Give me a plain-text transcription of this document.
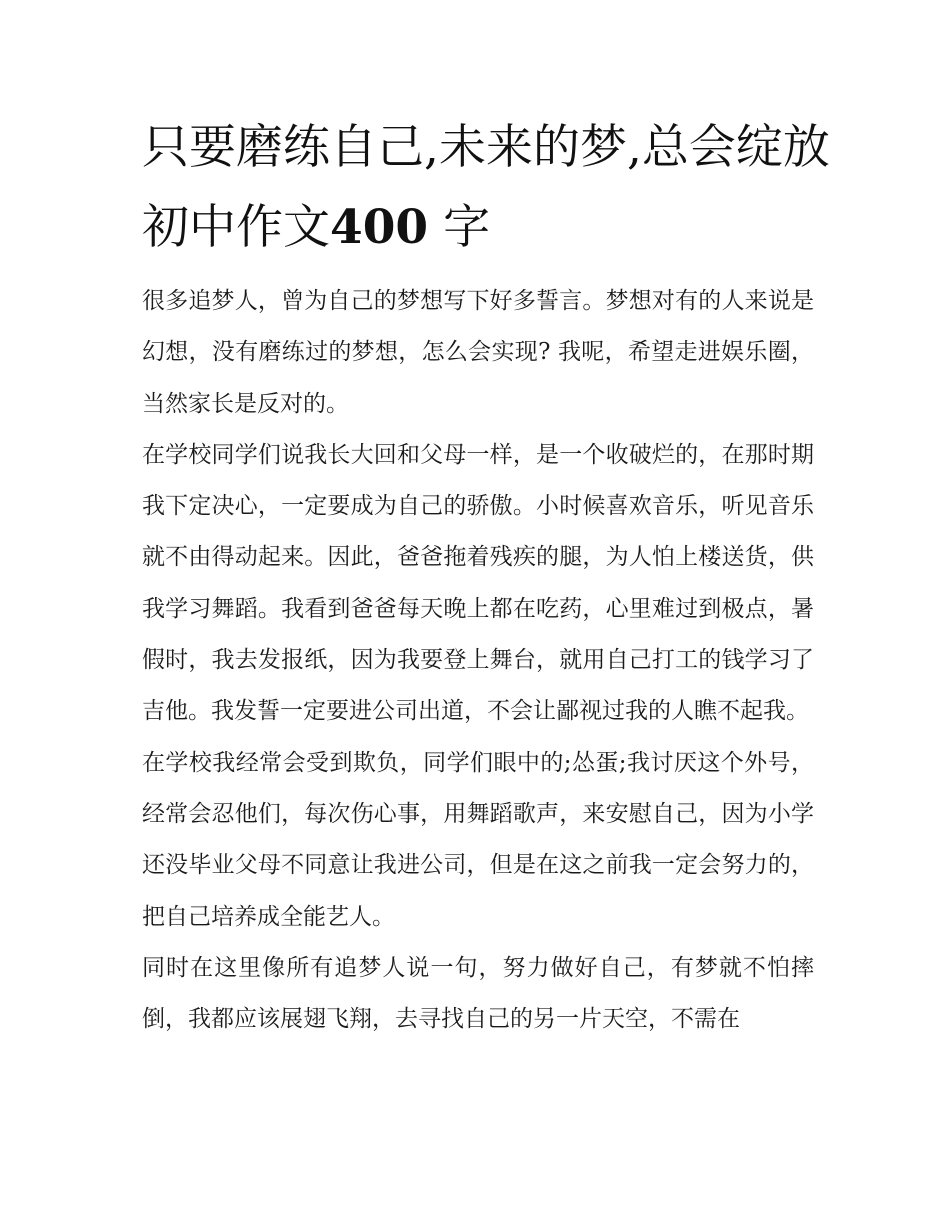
只要磨练自己,未来的梦,总会绽放初中作文400 字

很多追梦人，曾为自己的梦想写下好多誓言。梦想对有的人来说是幻想，没有磨练过的梦想，怎么会实现? 我呢，希望走进娱乐圈，当然家长是反对的。

在学校同学们说我长大回和父母一样，是一个收破烂的，在那时期我下定决心，一定要成为自己的骄傲。小时候喜欢音乐，听见音乐就不由得动起来。因此，爸爸拖着残疾的腿，为人怕上楼送货，供我学习舞蹈。我看到爸爸每天晚上都在吃药，心里难过到极点，暑假时，我去发报纸，因为我要登上舞台，就用自己打工的钱学习了吉他。我发誓一定要进公司出道，不会让鄙视过我的人瞧不起我。

在学校我经常会受到欺负，同学们眼中的;怂蛋;我讨厌这个外号，经常会忍他们，每次伤心事，用舞蹈歌声，来安慰自己，因为小学还没毕业父母不同意让我进公司，但是在这之前我一定会努力的，把自己培养成全能艺人。

同时在这里像所有追梦人说一句，努力做好自己，有梦就不怕摔倒，我都应该展翅飞翔，去寻找自己的另一片天空，不需在
